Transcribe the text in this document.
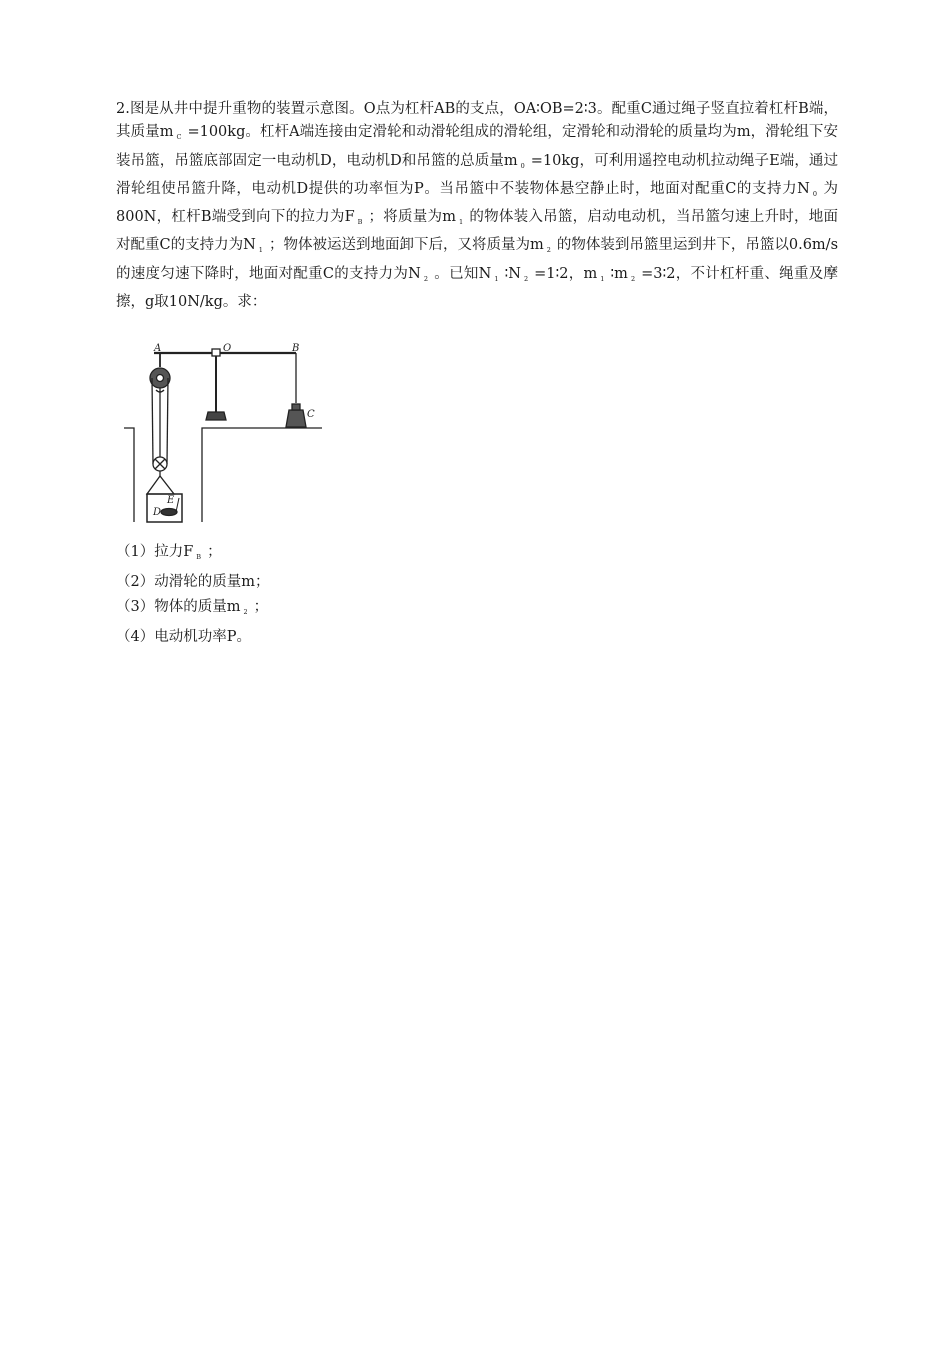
2.图是从井中提升重物的装置示意图。O点为杠杆AB的支点，OA∶OB=2∶3。配重C通过绳子竖直拉着杠杆B端，其质量m $_C$ =100kg。杠杆A端连接由定滑轮和动滑轮组成的滑轮组，定滑轮和动滑轮的质量均为m，滑轮组下安装吊篮，吊篮底部固定一电动机D，电动机D和吊篮的总质量m $_0$ =10kg，可利用遥控电动机拉动绳子E端，通过滑轮组使吊篮升降，电动机D提供的功率恒为P。当吊篮中不装物体悬空静止时，地面对配重C的支持力N $_0$ 为800N，杠杆B端受到向下的拉力为F $_B$ ；将质量为m $_1$ 的物体装入吊篮，启动电动机，当吊篮匀速上升时，地面对配重C的支持力为N $_1$ ；物体被运送到地面卸下后，又将质量为m $_2$ 的物体装到吊篮里运到井下，吊篮以0.6m/s的速度匀速下降时，地面对配重C的支持力为N $_2$ 。已知N $_1$ ∶N $_2$ =1∶2，m $_1$ ∶m $_2$ =3∶2，不计杠杆重、绳重及摩擦，g取10N/kg。求：

A	O	B
C
D
E
（1）拉力F $_B$ ；
（2）动滑轮的质量m；
（3）物体的质量m $_2$ ；
（4）电动机功率P。
